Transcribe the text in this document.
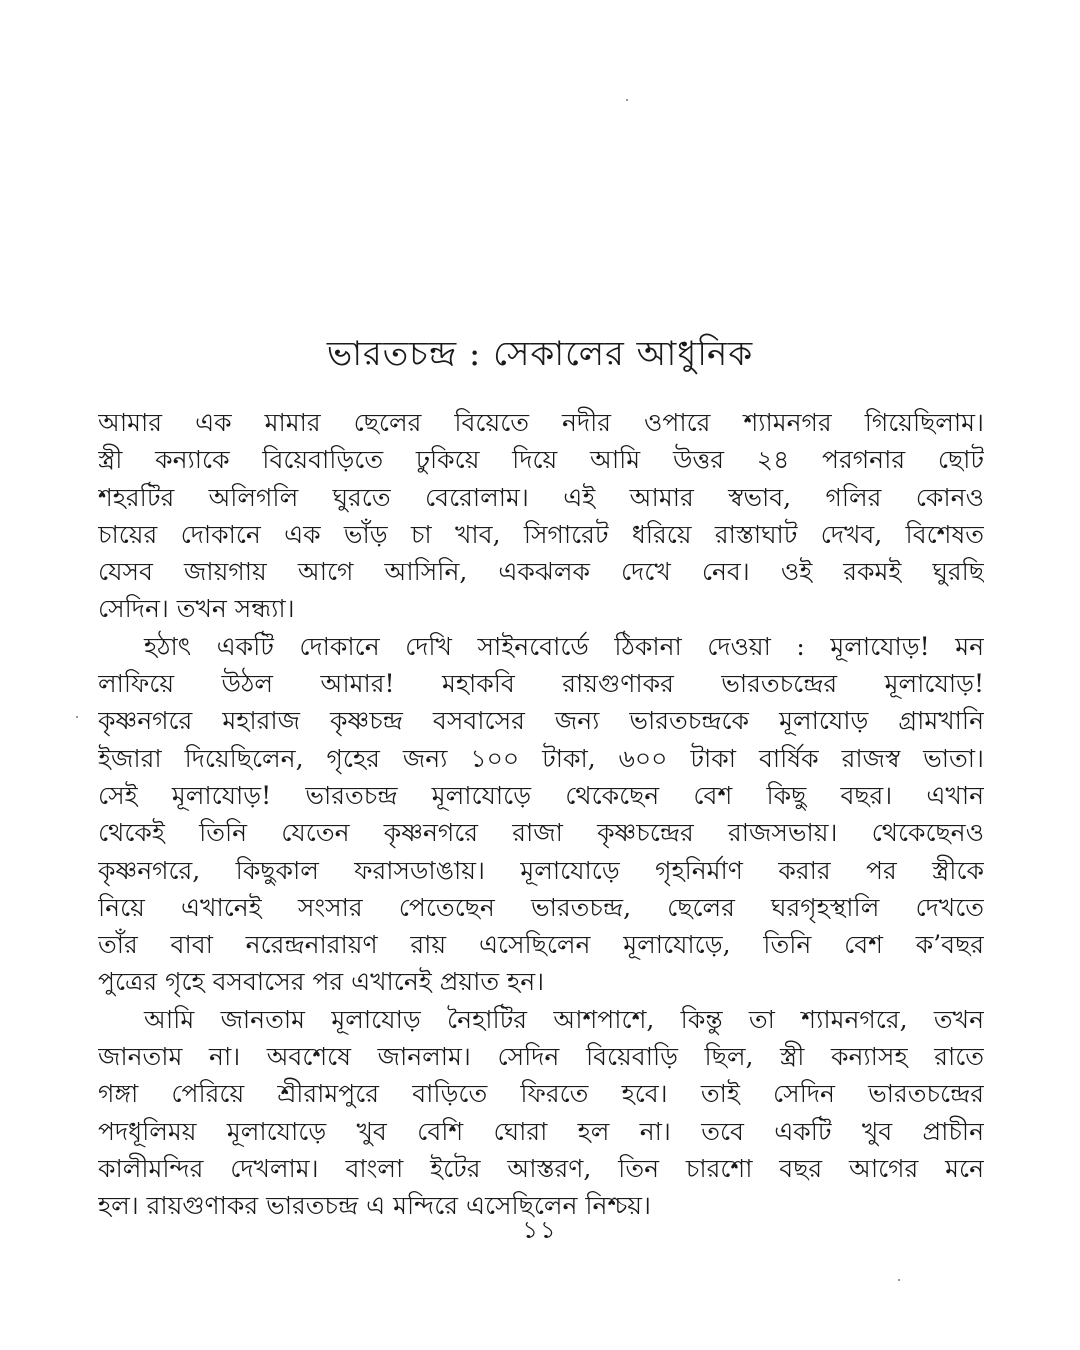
ভারতচন্দ্র : সেকালের আধুনিক
আমার এক মামার ছেলের বিয়েতে নদীর ওপারে শ্যামনগর গিয়েছিলাম।
স্ত্রী কন্যাকে বিয়েবাড়িতে ঢুকিয়ে দিয়ে আমি উত্তর ২৪ পরগনার ছোট
শহরটির অলিগলি ঘুরতে বেরোলাম। এই আমার স্বভাব, গলির কোনও
চায়ের দোকানে এক ভাঁড় চা খাব, সিগারেট ধরিয়ে রাস্তাঘাট দেখব, বিশেষত
যেসব জায়গায় আগে আসিনি, একঝলক দেখে নেব। ওই রকমই ঘুরছি
সেদিন। তখন সন্ধ্যা।
হঠাৎ একটি দোকানে দেখি সাইনবোর্ডে ঠিকানা দেওয়া : মূলাযোড়! মন
লাফিয়ে উঠল আমার! মহাকবি রায়গুণাকর ভারতচন্দ্রের মূলাযোড়!
কৃষ্ণনগরে মহারাজ কৃষ্ণচন্দ্র বসবাসের জন্য ভারতচন্দ্রকে মূলাযোড় গ্রামখানি
ইজারা দিয়েছিলেন, গৃহের জন্য ১০০ টাকা, ৬০০ টাকা বার্ষিক রাজস্ব ভাতা।
সেই মূলাযোড়! ভারতচন্দ্র মূলাযোড়ে থেকেছেন বেশ কিছু বছর। এখান
থেকেই তিনি যেতেন কৃষ্ণনগরে রাজা কৃষ্ণচন্দ্রের রাজসভায়। থেকেছেনও
কৃষ্ণনগরে, কিছুকাল ফরাসডাঙায়। মূলাযোড়ে গৃহনির্মাণ করার পর স্ত্রীকে
নিয়ে এখানেই সংসার পেতেছেন ভারতচন্দ্র, ছেলের ঘরগৃহস্থালি দেখতে
তাঁর বাবা নরেন্দ্রনারায়ণ রায় এসেছিলেন মূলাযোড়ে, তিনি বেশ ক’বছর
পুত্রের গৃহে বসবাসের পর এখানেই প্রয়াত হন।
আমি জানতাম মূলাযোড় নৈহাটির আশপাশে, কিন্তু তা শ্যামনগরে, তখন
জানতাম না। অবশেষে জানলাম। সেদিন বিয়েবাড়ি ছিল, স্ত্রী কন্যাসহ রাতে
গঙ্গা পেরিয়ে শ্রীরামপুরে বাড়িতে ফিরতে হবে। তাই সেদিন ভারতচন্দ্রের
পদধূলিময় মূলাযোড়ে খুব বেশি ঘোরা হল না। তবে একটি খুব প্রাচীন
কালীমন্দির দেখলাম। বাংলা ইটের আস্তরণ, তিন চারশো বছর আগের মনে
হল। রায়গুণাকর ভারতচন্দ্র এ মন্দিরে এসেছিলেন নিশ্চয়।
১১
